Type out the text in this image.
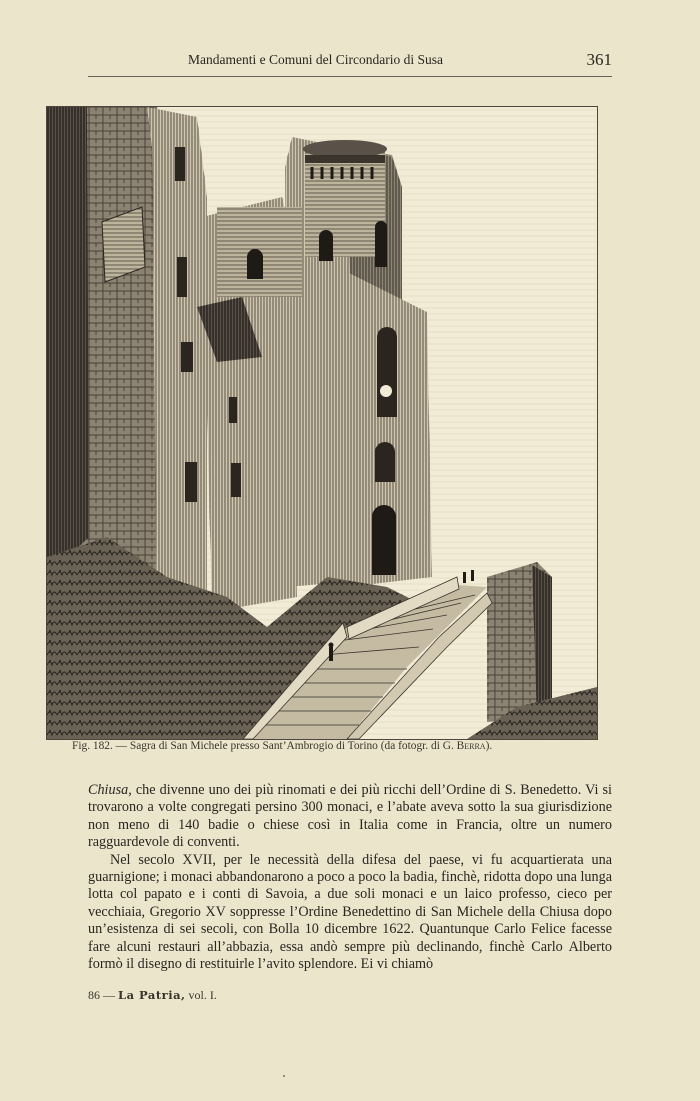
Mandamenti e Comuni del Circondario di Susa	361
Fig. 182. — Sagra di San Michele presso Sant’Ambrogio di Torino (da fotogr. di G. Berra).

Chiusa, che divenne uno dei più rinomati e dei più ricchi dell’Ordine di S. Benedetto. Vi si trovarono a volte congregati persino 300 monaci, e l’abate aveva sotto la sua giurisdizione non meno di 140 badie o chiese così in Italia come in Francia, oltre un numero ragguardevole di conventi.

Nel secolo XVII, per le necessità della difesa del paese, vi fu acquartierata una guarnigione; i monaci abbandonarono a poco a poco la badia, finchè, ridotta dopo una lunga lotta col papato e i conti di Savoia, a due soli monaci e un laico professo, cieco per vecchiaia, Gregorio XV soppresse l’Ordine Benedettino di San Michele della Chiusa dopo un’esistenza di sei secoli, con Bolla 10 dicembre 1622. Quantunque Carlo Felice facesse fare alcuni restauri all’abbazia, essa andò sempre più declinando, finchè Carlo Alberto formò il disegno di restituirle l’avito splendore. Ei vi chiamò

86 — La Patria, vol. I.
